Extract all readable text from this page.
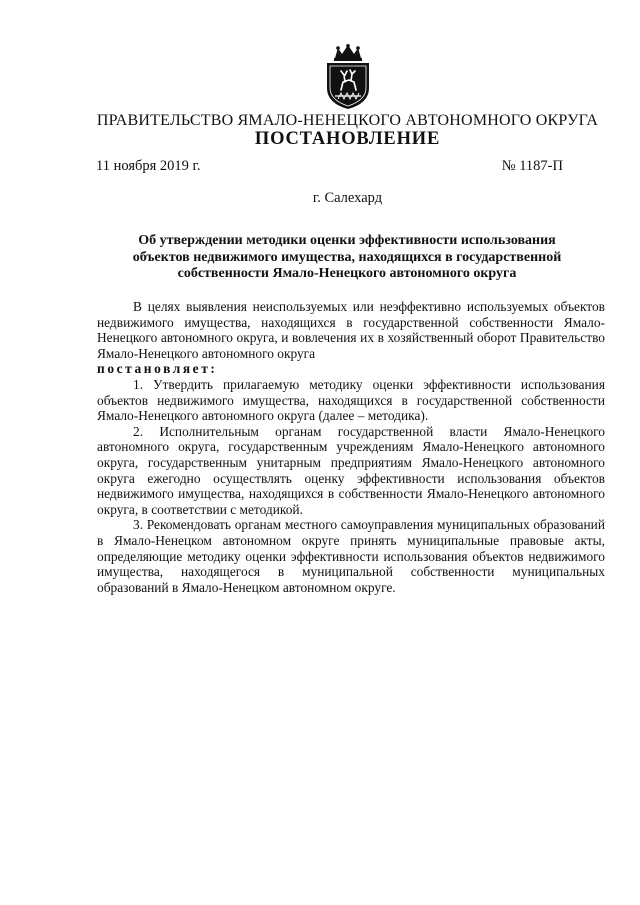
ПРАВИТЕЛЬСТВО ЯМАЛО-НЕНЕЦКОГО АВТОНОМНОГО ОКРУГА
ПОСТАНОВЛЕНИЕ
11 ноября 2019 г.	№ 1187-П
г. Салехард
Об утверждении методики оценки эффективности использования объектов недвижимого имущества, находящихся в государственной собственности Ямало-Ненецкого автономного округа

В целях выявления неиспользуемых или неэффективно используемых объектов недвижимого имущества, находящихся в государственной собственности Ямало-Ненецкого автономного округа, и вовлечения их в хозяйственный оборот Правительство Ямало-Ненецкого автономного округа

постановляет:

1. Утвердить прилагаемую методику оценки эффективности использования объектов недвижимого имущества, находящихся в государственной собственности Ямало-Ненецкого автономного округа (далее – методика).

2. Исполнительным органам государственной власти Ямало-Ненецкого автономного округа, государственным учреждениям Ямало-Ненецкого автономного округа, государственным унитарным предприятиям Ямало-Ненецкого автономного округа ежегодно осуществлять оценку эффективности использования объектов недвижимого имущества, находящихся в собственности Ямало-Ненецкого автономного округа, в соответствии с методикой.

3. Рекомендовать органам местного самоуправления муниципальных образований в Ямало-Ненецком автономном округе принять муниципальные правовые акты, определяющие методику оценки эффективности использования объектов недвижимого имущества, находящегося в муниципальной собственности муниципальных образований в Ямало-Ненецком автономном округе.
